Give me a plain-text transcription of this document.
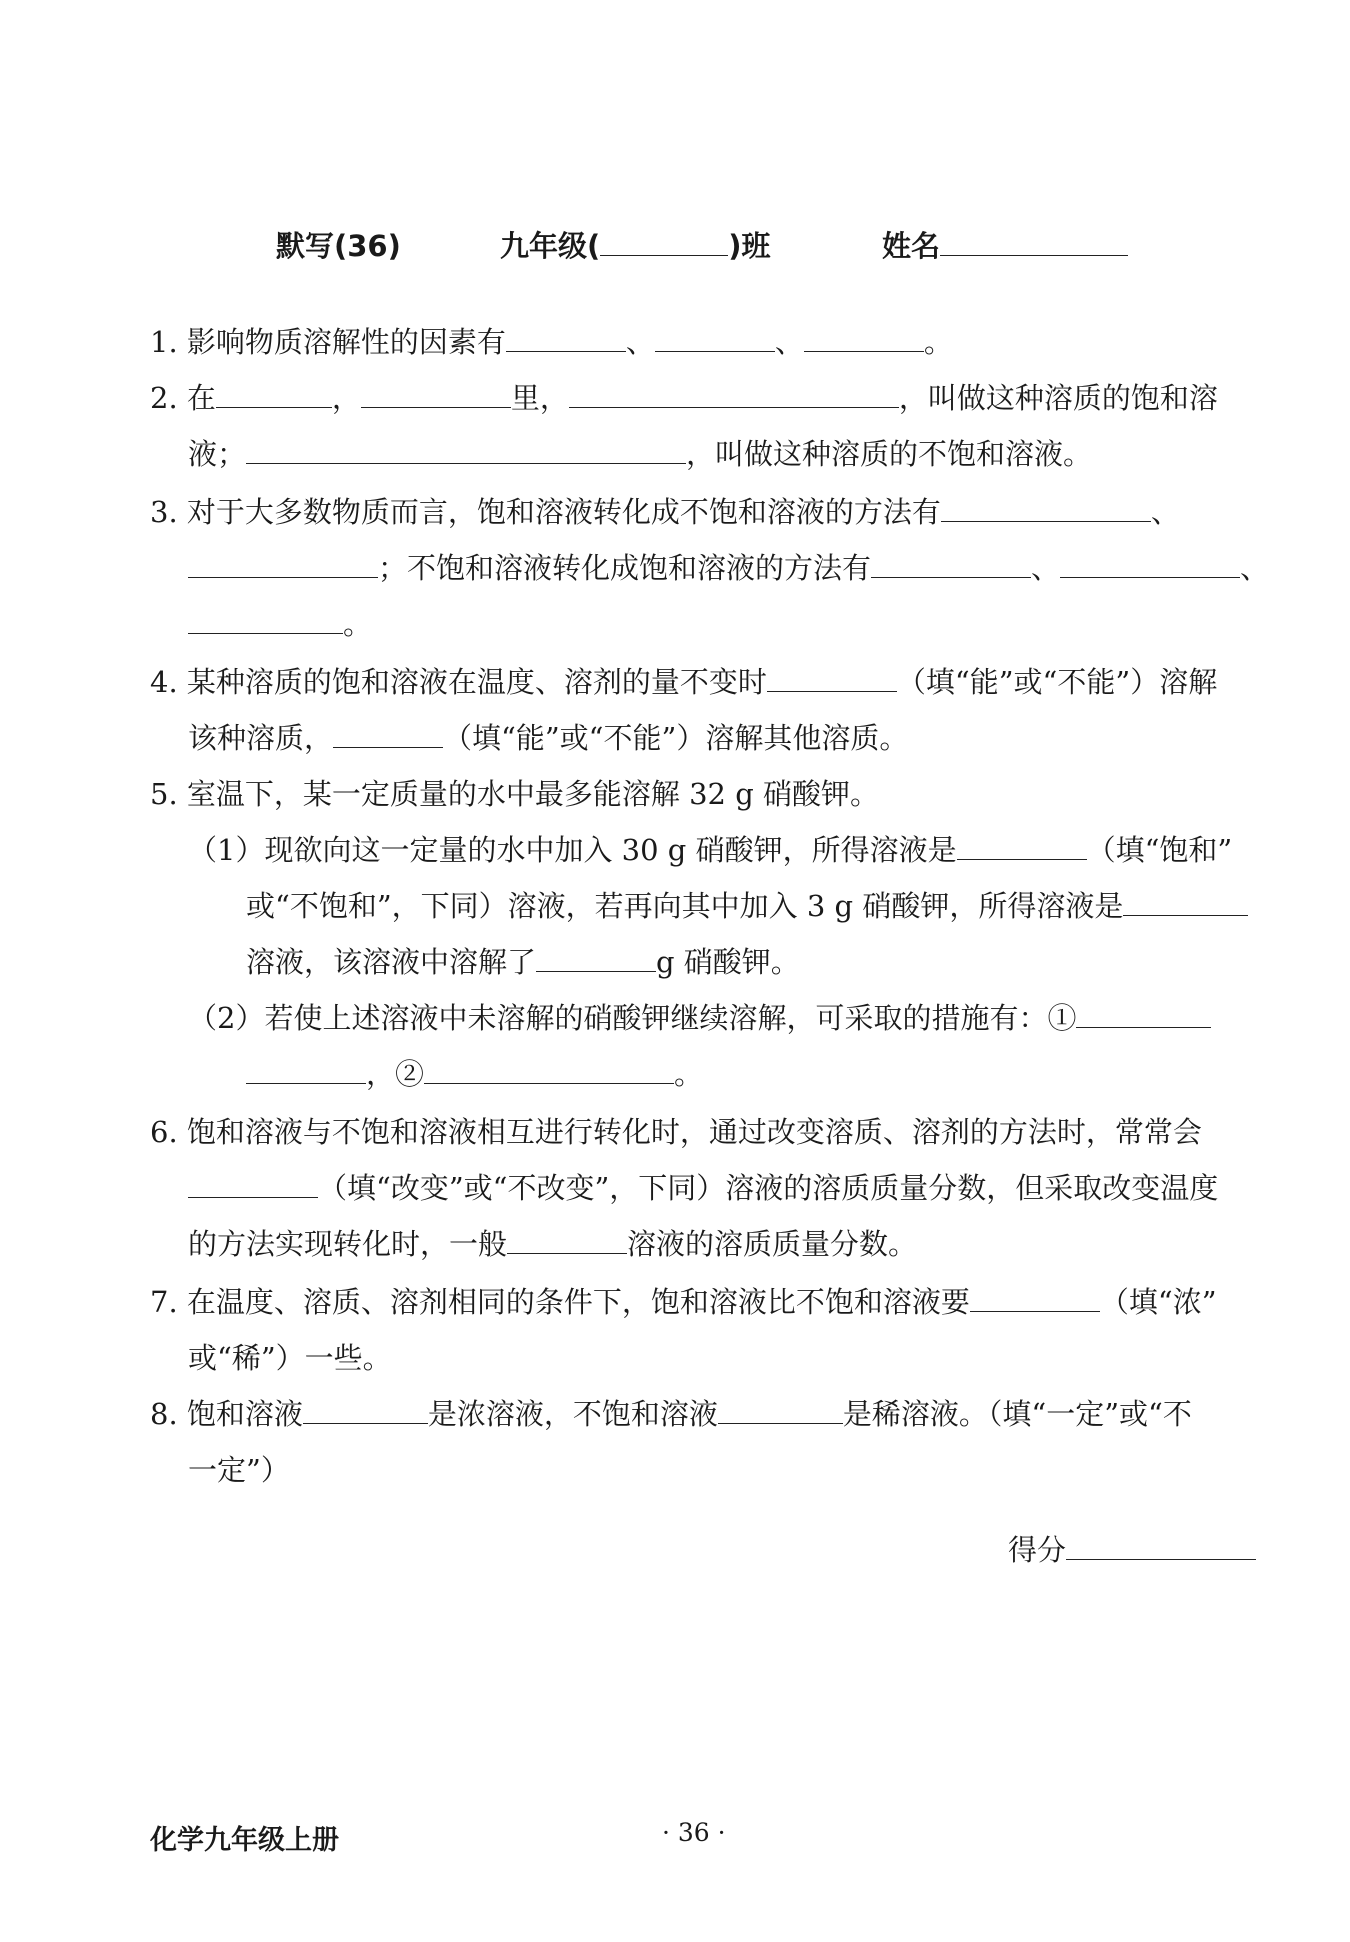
默写(36)	九年级(	)班	姓名
1. 影响物质溶解性的因素有	、	、	。
2. 在	，	里，	，叫做这种溶质的饱和溶
液；	，叫做这种溶质的不饱和溶液。
3. 对于大多数物质而言，饱和溶液转化成不饱和溶液的方法有	、
；不饱和溶液转化成饱和溶液的方法有	、	、
。
4. 某种溶质的饱和溶液在温度、溶剂的量不变时	（填“能”或“不能”）溶解
该种溶质，	（填“能”或“不能”）溶解其他溶质。
5. 室温下，某一定质量的水中最多能溶解 32 g 硝酸钾。
（1）现欲向这一定量的水中加入 30 g 硝酸钾，所得溶液是	（填“饱和”
或“不饱和”，下同）溶液，若再向其中加入 3 g 硝酸钾，所得溶液是
溶液，该溶液中溶解了	g 硝酸钾。
（2）若使上述溶液中未溶解的硝酸钾继续溶解，可采取的措施有：①
，②	。
6. 饱和溶液与不饱和溶液相互进行转化时，通过改变溶质、溶剂的方法时，常常会
（填“改变”或“不改变”，下同）溶液的溶质质量分数，但采取改变温度
的方法实现转化时，一般	溶液的溶质质量分数。
7. 在温度、溶质、溶剂相同的条件下，饱和溶液比不饱和溶液要	（填“浓”
或“稀”）一些。
8. 饱和溶液	是浓溶液，不饱和溶液	是稀溶液。（填“一定”或“不
一定”）
得分
化学九年级上册	· 36 ·
